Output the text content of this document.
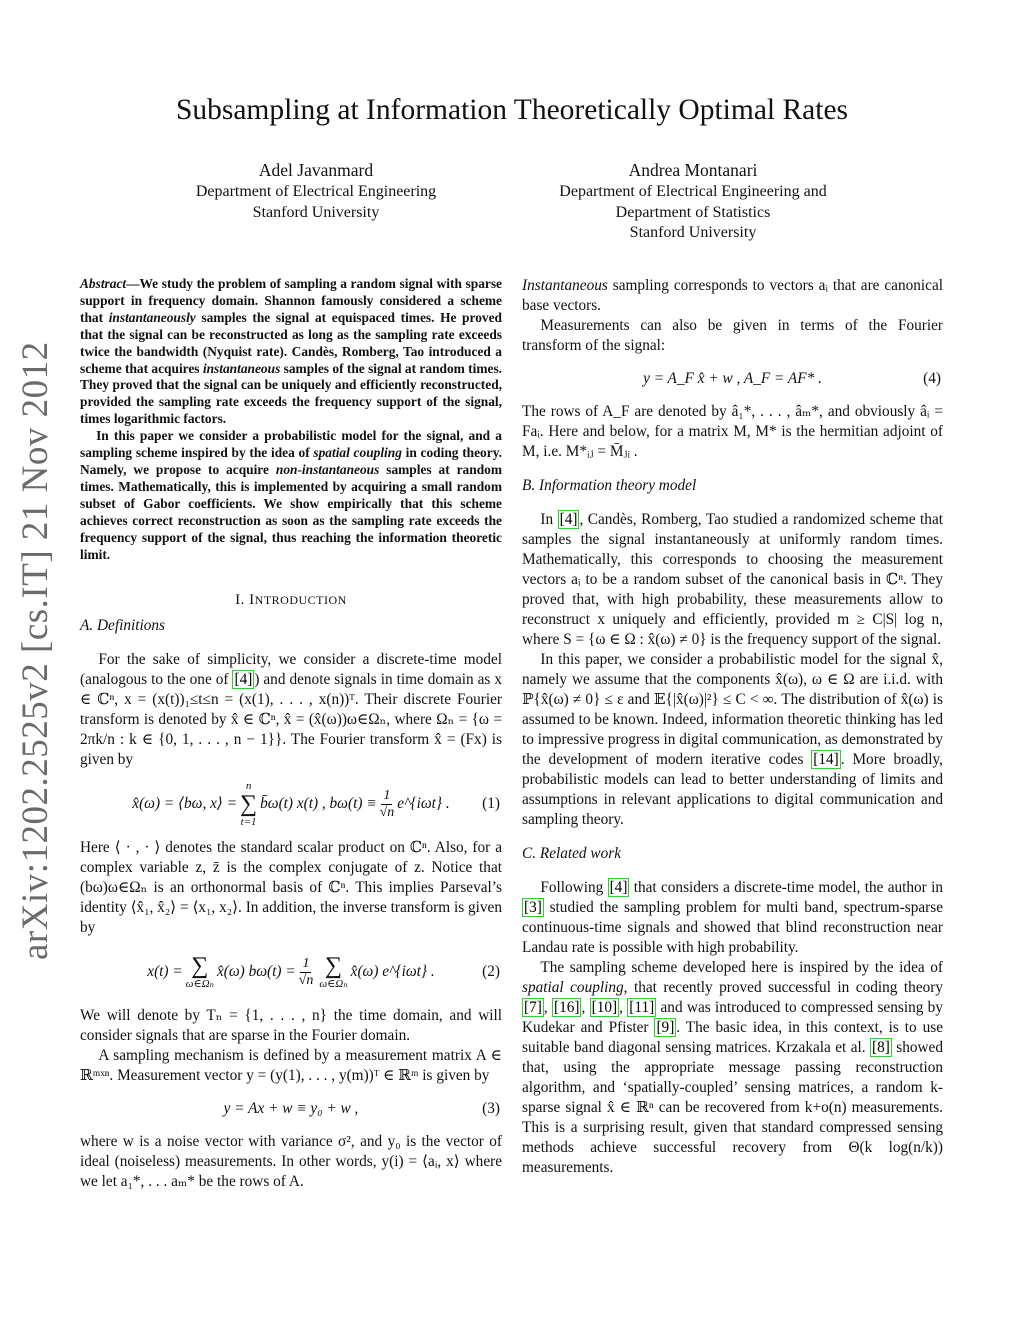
arXiv:1202.2525v2 [cs.IT] 21 Nov 2012
Subsampling at Information Theoretically Optimal Rates
Adel Javanmard
Department of Electrical Engineering
Stanford University
Andrea Montanari
Department of Electrical Engineering and
Department of Statistics
Stanford University

Abstract—We study the problem of sampling a random signal with sparse support in frequency domain. Shannon famously considered a scheme that instantaneously samples the signal at equispaced times. He proved that the signal can be reconstructed as long as the sampling rate exceeds twice the bandwidth (Nyquist rate). Candès, Romberg, Tao introduced a scheme that acquires instantaneous samples of the signal at random times. They proved that the signal can be uniquely and efficiently reconstructed, provided the sampling rate exceeds the frequency support of the signal, times logarithmic factors.

In this paper we consider a probabilistic model for the signal, and a sampling scheme inspired by the idea of spatial coupling in coding theory. Namely, we propose to acquire non-instantaneous samples at random times. Mathematically, this is implemented by acquiring a small random subset of Gabor coefficients. We show empirically that this scheme achieves correct reconstruction as soon as the sampling rate exceeds the frequency support of the signal, thus reaching the information theoretic limit.

I. INTRODUCTION
A. Definitions

For the sake of simplicity, we consider a discrete-time model (analogous to the one of [4] ) and denote signals in time domain as x ∈ ℂⁿ, x = (x(t))₁≤t≤n = (x(1), . . . , x(n))ᵀ. Their discrete Fourier transform is denoted by x̂ ∈ ℂⁿ, x̂ = (x̂(ω))ω∈Ωₙ, where Ωₙ = {ω = 2πk/n : k ∈ {0, 1, . . . , n − 1}}. The Fourier transform x̂ = (Fx) is given by

x̂(ω) = ⟨bω, x⟩ =
n
∑
t=1
b̄ω(t) x(t) , $b\omega(t) \equiv \frac{1}{√n}$ e^{iωt} . (1)

Here ⟨ · , · ⟩ denotes the standard scalar product on ℂⁿ. Also, for a complex variable z, z̄ is the complex conjugate of z. Notice that (bω)ω∈Ωₙ is an orthonormal basis of ℂⁿ. This implies Parseval’s identity ⟨x̂₁, x̂₂⟩ = ⟨x₁, x₂⟩. In addition, the inverse transform is given by

x(t) = ∑
ω∈Ωₙ
x̂(ω) $b\omega(t) = \frac{1}{√n}$ ∑
ω∈Ωₙ
x̂(ω) e^{iωt} .	(2)

We will denote by Tₙ = {1, . . . , n} the time domain, and will consider signals that are sparse in the Fourier domain.

A sampling mechanism is defined by a measurement matrix A ∈ ℝᵐˣⁿ. Measurement vector y = (y(1), . . . , y(m))ᵀ ∈ ℝᵐ is given by

y = Ax + w ≡ y₀ + w ,	(3)

where w is a noise vector with variance σ², and y₀ is the vector of ideal (noiseless) measurements. In other words, y(i) = ⟨aᵢ, x⟩ where we let a₁*, . . . aₘ* be the rows of A.

Instantaneous sampling corresponds to vectors aᵢ that are canonical base vectors.

Measurements can also be given in terms of the Fourier transform of the signal:

y = A_F x̂ + w , A_F = AF* .	(4)

The rows of A_F are denoted by â₁*, . . . , âₘ*, and obviously âᵢ = Faᵢ. Here and below, for a matrix M, M* is the hermitian adjoint of M, i.e. M*ᵢⱼ = M̄ⱼᵢ .

B. Information theory model

In [4] , Candès, Romberg, Tao studied a randomized scheme that samples the signal instantaneously at uniformly random times. Mathematically, this corresponds to choosing the measurement vectors aᵢ to be a random subset of the canonical basis in ℂⁿ. They proved that, with high probability, these measurements allow to reconstruct x uniquely and efficiently, provided m ≥ C|S| log n, where S = {ω ∈ Ω : x̂(ω) ≠ 0} is the frequency support of the signal.

In this paper, we consider a probabilistic model for the signal x̂, namely we assume that the components x̂(ω), ω ∈ Ω are i.i.d. with ℙ{x̂(ω) ≠ 0} ≤ ε and 𝔼{|x̂(ω)|²} ≤ C < ∞. The distribution of x̂(ω) is assumed to be known. Indeed, information theoretic thinking has led to impressive progress in digital communication, as demonstrated by the development of modern iterative codes [14] . More broadly, probabilistic models can lead to better understanding of limits and assumptions in relevant applications to digital communication and sampling theory.

C. Related work

Following [4] that considers a discrete-time model, the author in [3] studied the sampling problem for multi band, spectrum-sparse continuous-time signals and showed that blind reconstruction near Landau rate is possible with high probability.

The sampling scheme developed here is inspired by the idea of spatial coupling, that recently proved successful in coding theory [7] , [16] , [10] , [11] and was introduced to compressed sensing by Kudekar and Pfister [9] . The basic idea, in this context, is to use suitable band diagonal sensing matrices. Krzakala et al. [8] showed that, using the appropriate message passing reconstruction algorithm, and ‘spatially-coupled’ sensing matrices, a random k-sparse signal x̂ ∈ ℝⁿ can be recovered from k+o(n) measurements. This is a surprising result, given that standard compressed sensing methods achieve successful recovery from Θ(k log(n/k)) measurements.
